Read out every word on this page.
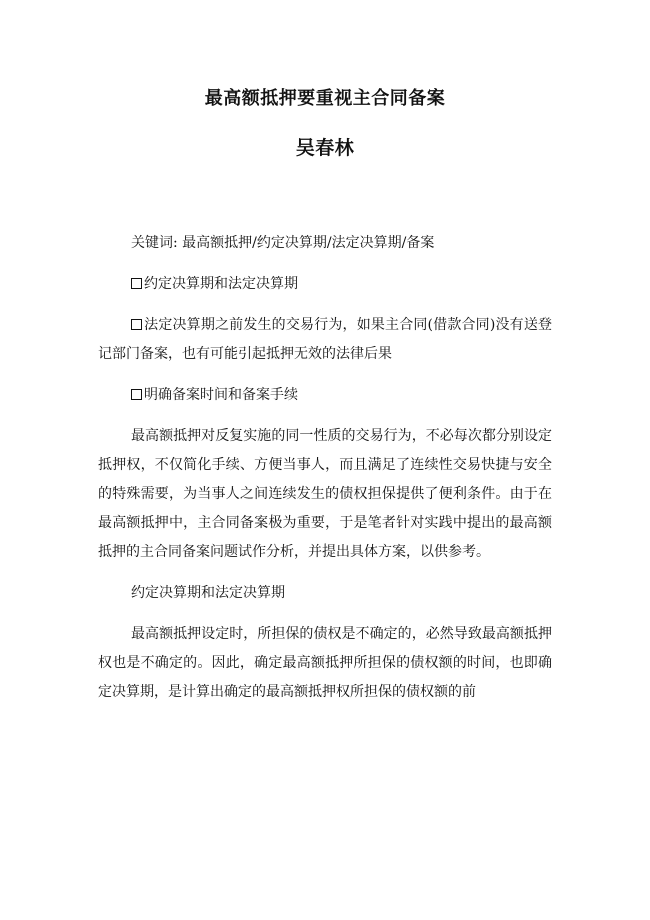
最高额抵押要重视主合同备案
吴春林

关键词: 最高额抵押/约定决算期/法定决算期/备案

约定决算期和法定决算期

法定决算期之前发生的交易行为，如果主合同(借款合同)没有送登记部门备案，也有可能引起抵押无效的法律后果

明确备案时间和备案手续

最高额抵押对反复实施的同一性质的交易行为，不必每次都分别设定抵押权，不仅简化手续、方便当事人，而且满足了连续性交易快捷与安全的特殊需要，为当事人之间连续发生的债权担保提供了便利条件。由于在最高额抵押中，主合同备案极为重要，于是笔者针对实践中提出的最高额抵押的主合同备案问题试作分析，并提出具体方案，以供参考。

约定决算期和法定决算期

最高额抵押设定时，所担保的债权是不确定的，必然导致最高额抵押权也是不确定的。因此，确定最高额抵押所担保的债权额的时间，也即确定决算期，是计算出确定的最高额抵押权所担保的债权额的前
